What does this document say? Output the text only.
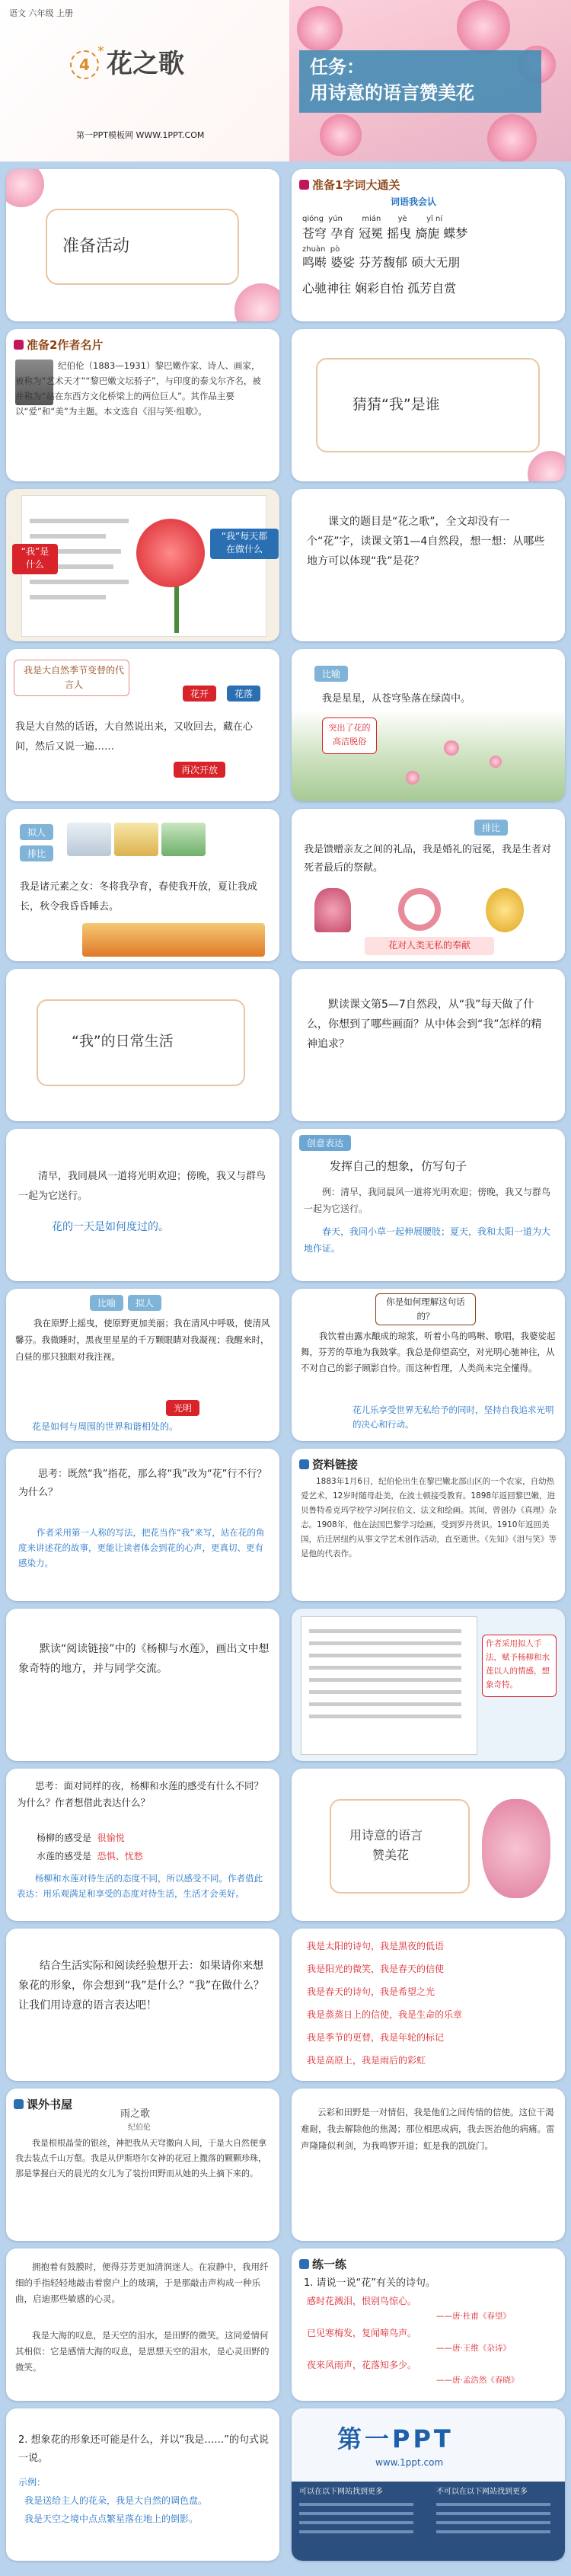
语文 六年级 上册
4
* 花之歌
第一PPT模板网 WWW.1PPT.COM
任务：
用诗意的语言赞美花
准备活动
准备1字词大通关
词语我会认
qióng yún	mián yè	yǐ ní
苍穹 孕育 冠冕 摇曳 旖旎 蝶梦
zhuàn pò
鸣啭 婆娑 芬芳馥郁 硕大无朋
心驰神往 娴彩自怡 孤芳自赏
准备2作者名片
纪伯伦（1883—1931）黎巴嫩作家、诗人、画家，被称为“艺术天才”“黎巴嫩文坛骄子”，与印度的泰戈尔齐名，被并称为“站在东西方文化桥梁上的两位巨人”。其作品主要以“爱”和“美”为主题。本文选自《泪与笑·组歌》。	猜猜“我”是谁
“我”是什么
“我”每天都在做什么
课文的题目是“花之歌”，全文却没有一个“花”字，读课文第1—4自然段，想一想：从哪些地方可以体现“我”是花？
我是大自然季节变替的代言人
花开	花落
我是大自然的话语，大自然说出来，又收回去，藏在心间，然后又说一遍……
再次开放
比喻
我是星星，从苍穹坠落在绿茵中。
突出了花的高洁脱俗
拟人
排比
我是诸元素之女：冬将我孕育，春使我开放，夏让我成长，秋令我昏昏睡去。
排比
我是馈赠亲友之间的礼品，我是婚礼的冠冕，我是生者对死者最后的祭献。
花对人类无私的奉献
“我”的日常生活
默读课文第5—7自然段，从“我”每天做了什么，你想到了哪些画面？从中体会到“我”怎样的精神追求？
清早，我同晨风一道将光明欢迎；傍晚，我又与群鸟一起为它送行。
花的一天是如何度过的。
创意表达
发挥自己的想象，仿写句子
例：清早，我同晨风一道将光明欢迎；傍晚，我又与群鸟一起为它送行。
春天，我同小草一起伸展腰肢；夏天，我和太阳一道为大地作证。
比喻	拟人
我在原野上摇曳，使原野更加美丽；我在清风中呼吸，使清风馨芬。我微睡时，黑夜里星星的千万颗眼睛对我凝视；我醒来时，白昼的那只独眼对我注视。
光明
花是如何与周围的世界和谐相处的。
你是如何理解这句话的？
我饮着由露水酿成的琼浆，听着小鸟的鸣啭、歌唱，我婆娑起舞，芬芳的草地为我鼓掌。我总是仰望高空，对光明心驰神往，从不对自己的影子顾影自怜。而这种哲理，人类尚未完全懂得。
花儿乐享受世界无私给予的同时，坚持自我追求光明的决心和行动。
思考：既然“我”指花，那么将“我”改为“花”行不行？为什么？
作者采用第一人称的写法，把花当作“我”来写，站在花的角度来讲述花的故事，更能让读者体会到花的心声，更真切、更有感染力。
资料链接
1883年1月6日，纪伯伦出生在黎巴嫩北部山区的一个农家，自幼热爱艺术，12岁时随母赴美，在波士顿接受教育。1898年返回黎巴嫩，进贝鲁特希克玛学校学习阿拉伯文、法文和绘画。其间，曾创办《真理》杂志。1908年，他在法国巴黎学习绘画，受到罗丹赏识。1910年返回美国，后迁居纽约从事文学艺术创作活动，直至逝世。《先知》《泪与笑》等是他的代表作。
默读“阅读链接”中的《杨柳与水莲》，画出文中想象奇特的地方，并与同学交流。
作者采用拟人手法，赋予杨柳和水莲以人的情感，想象奇特。
思考：面对同样的夜，杨柳和水莲的感受有什么不同？为什么？作者想借此表达什么？
杨柳的感受是 很愉悦
水莲的感受是 恐惧、忧愁
杨柳和水莲对待生活的态度不同，所以感受不同。作者借此表达：用乐观满足和享受的态度对待生活，生活才会美好。
用诗意的语言
赞美花
结合生活实际和阅读经验想开去：如果请你来想象花的形象，你会想到“我”是什么？“我”在做什么？让我们用诗意的语言表达吧！
我是太阳的诗句，我是黑夜的低语
我是阳光的微笑，我是春天的信使
我是春天的诗句，我是希望之光
我是蒸蒸日上的信使，我是生命的乐章
我是季节的更替，我是年轮的标记
我是高原上，我是雨后的彩虹
课外书屋
雨之歌
纪伯伦
我是根根晶莹的银丝，神把我从天穹撒向人间，于是大自然便拿我去装点千山万壑。我是从伊斯塔尔女神的花冠上撒落的颗颗珍珠，那是掌握白天的晨光的女儿为了装扮田野而从她的头上摘下来的。
云彩和田野是一对情侣，我是他们之间传情的信使。这位干渴难耐，我去解除他的焦渴；那位相思成病，我去医治他的病痛。雷声隆隆似利剑，为我鸣锣开道；虹是我的凯旋门。
拥抱着有鼓膜时，便得芬芳更加清润迷人。在寂静中，我用纤细的手指轻轻地敲击着窗户上的玻璃，于是那敲击声构成一种乐曲，启迪那些敏感的心灵。
我是大海的叹息，是天空的泪水，是田野的微笑。这同爱情何其相似：它是感情大海的叹息，是思想天空的泪水，是心灵田野的微笑。
练一练
1. 请说一说“花”有关的诗句。
感时花溅泪，恨别鸟惊心。
——唐·杜甫《春望》
已见寒梅发，复闻啼鸟声。
——唐·王维《杂诗》
夜来风雨声，花落知多少。
——唐·孟浩然《春晓》
2. 想象花的形象还可能是什么，并以“我是……”的句式说一说。
示例：
我是送给主人的花朵，我是大自然的调色盘。
我是天空之境中点点繁星落在地上的倒影。
第一PPT
www.1ppt.com
可以在以下网站找到更多	不可以在以下网站找到更多
